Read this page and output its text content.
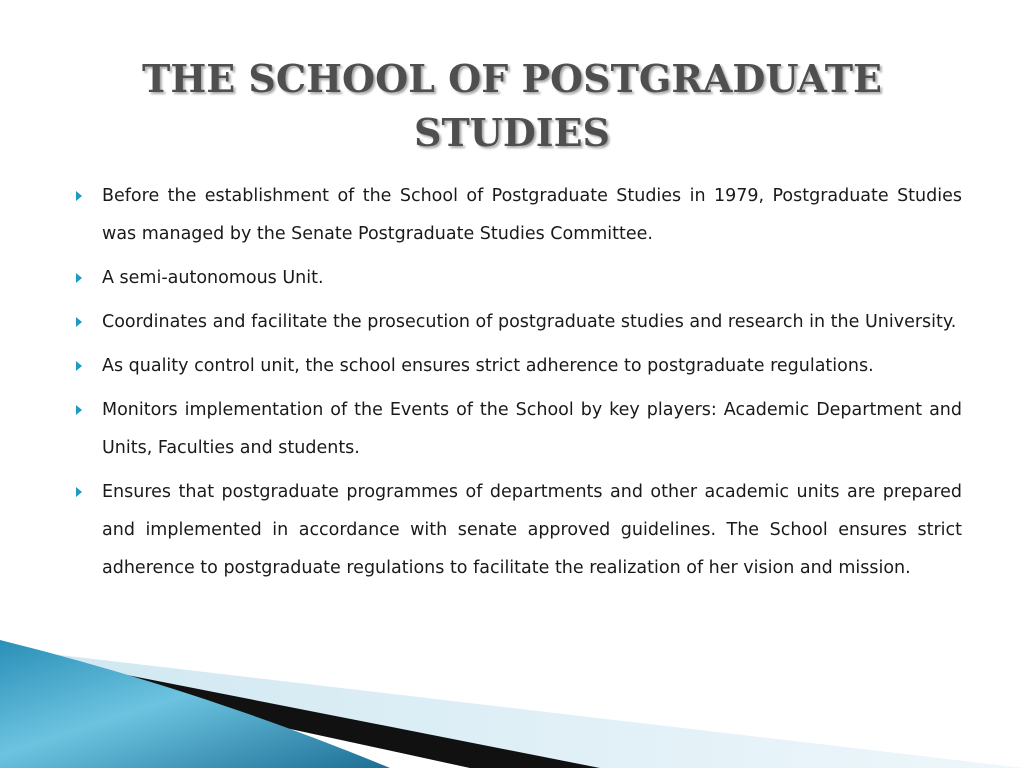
THE SCHOOL OF POSTGRADUATE
STUDIES
Before the establishment of the School of Postgraduate Studies in 1979, Postgraduate Studies was managed by the Senate Postgraduate Studies Committee.
A semi-autonomous Unit.
Coordinates and facilitate the prosecution of postgraduate studies and research in the University.
As quality control unit, the school ensures strict adherence to postgraduate regulations.
Monitors implementation of the Events of the School by key players: Academic Department and Units, Faculties and students.
Ensures that postgraduate programmes of departments and other academic units are prepared and implemented in accordance with senate approved guidelines. The School ensures strict adherence to postgraduate regulations to facilitate the realization of her vision and mission.
